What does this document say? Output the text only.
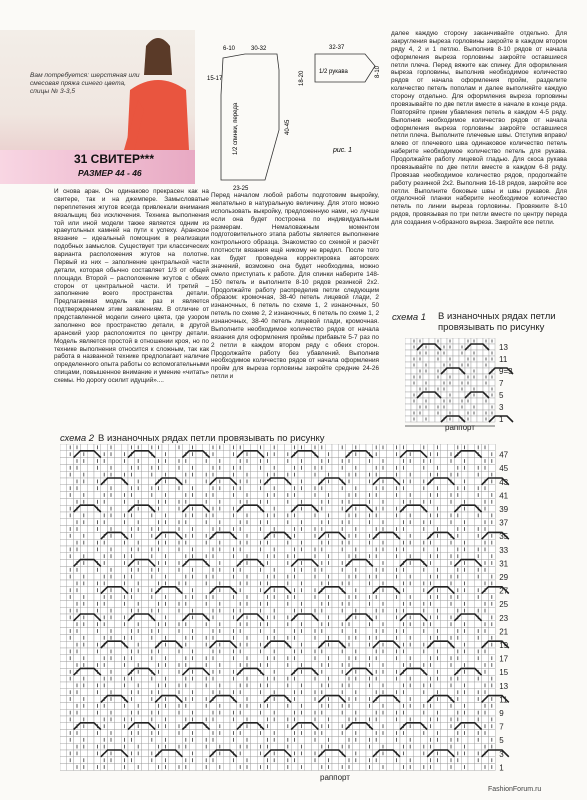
Вам потребуется: шерстяная или смесовая пряжа синего цвета, спицы № 3-3,5
31 СВИТЕР***
РАЗМЕР 44 - 46
6-10	30-32
15-17
1/2 спинки, переда	40-45
23-25
32-37
1/2 рукава
18-20	8-10
рис. 1
И снова аран. Он одинаково прекрасен как на свитере, так и на джемпере. Замысловатые переплетения жгутов всегда привлекали внимания вязальщиц без исключения. Техника выполнения той или иной модели также является одним из краеугольных камней на пути к успеху. Аранское вязание – идеальный помощник в реализации подобных замыслов. Существует три классических варианта расположения жгутов на полотне. Первый из них – заполнение центральной части детали, которая обычно составляет 1/3 от общей площади. Второй – расположение жгутов с обеих сторон от центральной части. И третий – заполнение всего пространства детали. Предлагаемая модель как раз и является подтверждением этим заявлениям. В отличие от представленной модели синего цвета, где узором заполнено все пространство детали, в другой аранский узор расположится по центру детали. Модель является простой в отношении кроя, но по технике выполнения относится к сложным, так как работа в названной технике предполагает наличие определенного опыта работы со вспомогательными спицами, повышенное внимание и умение «читать» схемы. Но дорогу осилит идущий»....
Перед началом любой работы подготовим выкройку, желательно в натуральную величину. Для этого можно использовать выкройку, предложенную нами, но лучше если она будет построена по индивидуальным размерам. Немаловажным моментом подготовительного этапа работы является выполнение контрольного образца. Знакомство со схемой и расчёт плотности вязания ещё никому не вредил. После того как будет проведена корректировка авторских значений, возможно она будет необходима, можно смело приступать к работе. Для спинки наберите 148-150 петель и выполните 8-10 рядов резинкой 2x2. Продолжайте работу распределив петли следующим образом: кромочная, 38-40 петель лицевой глади, 2 изнаночных, 6 петель по схеме 1, 2 изнаночных, 50 петель по схеме 2, 2 изнаночных, 6 петель по схеме 1, 2 изнаночных, 38-40 петель лицевой глади, кромочная. Выполните необходимое количество рядов от начала вязания для оформления проймы прибавьте 5-7 раз по 2 петли в каждом втором ряду с обеих сторон. Продолжайте работу без убавлений. Выполнив необходимое количество рядов от начала оформления пройм для выреза горловины закройте средние 24-26 петли и
далее каждую сторону заканчивайте отдельно. Для закругления выреза горловины закройте в каждом втором ряду 4, 2 и 1 петлю. Выполнив 8-10 рядов от начала оформления выреза горловины закройте оставшиеся петли плеча. Перед вяжите как спинку. Для оформления выреза горловины, выполнив необходимое количество рядов от начала оформления пройм, разделите количество петель пополам и далее выполняйте каждую сторону отдельно. Для оформления выреза горловины провязывайте по две петли вместе в начале в конце ряда. Повторяйте прием убавления петель в каждом 4-5 ряду. Выполнив необходимое количество рядов от начала оформления выреза горловины закройте оставшиеся петли плеча. Выполните плечевые швы. Отступив вправо/влево от плечевого шва одинаковое количество петель наберите необходимое количество петель для рукава. Продолжайте работу лицевой гладью. Для скоса рукава провязывайте по две петли вместе в каждом 6-8 ряду. Провязав необходимое количество рядов, продолжайте работу резинкой 2x2. Выполнив 16-18 рядов, закройте все петли. Выполните боковые швы и швы рукавов. Для отделочной планки наберите необходимое количество петель по линии выреза горловины. Провяжите 8-10 рядов, провязывая по три петли вместе по центру переда для создания v-образного выреза. Закройте все петли.
схема 1 В изнаночных рядах петли провязывать по рисунку
1
3
5
7
9=3
11
13
раппорт
схема 2 В изнаночных рядах петли провязывать по рисунку
1
3
5
7
9
11
13
15
17
19
21
23
25
27
29
31
33
35
37
39
41
43
45
47
раппорт
FashionForum.ru
